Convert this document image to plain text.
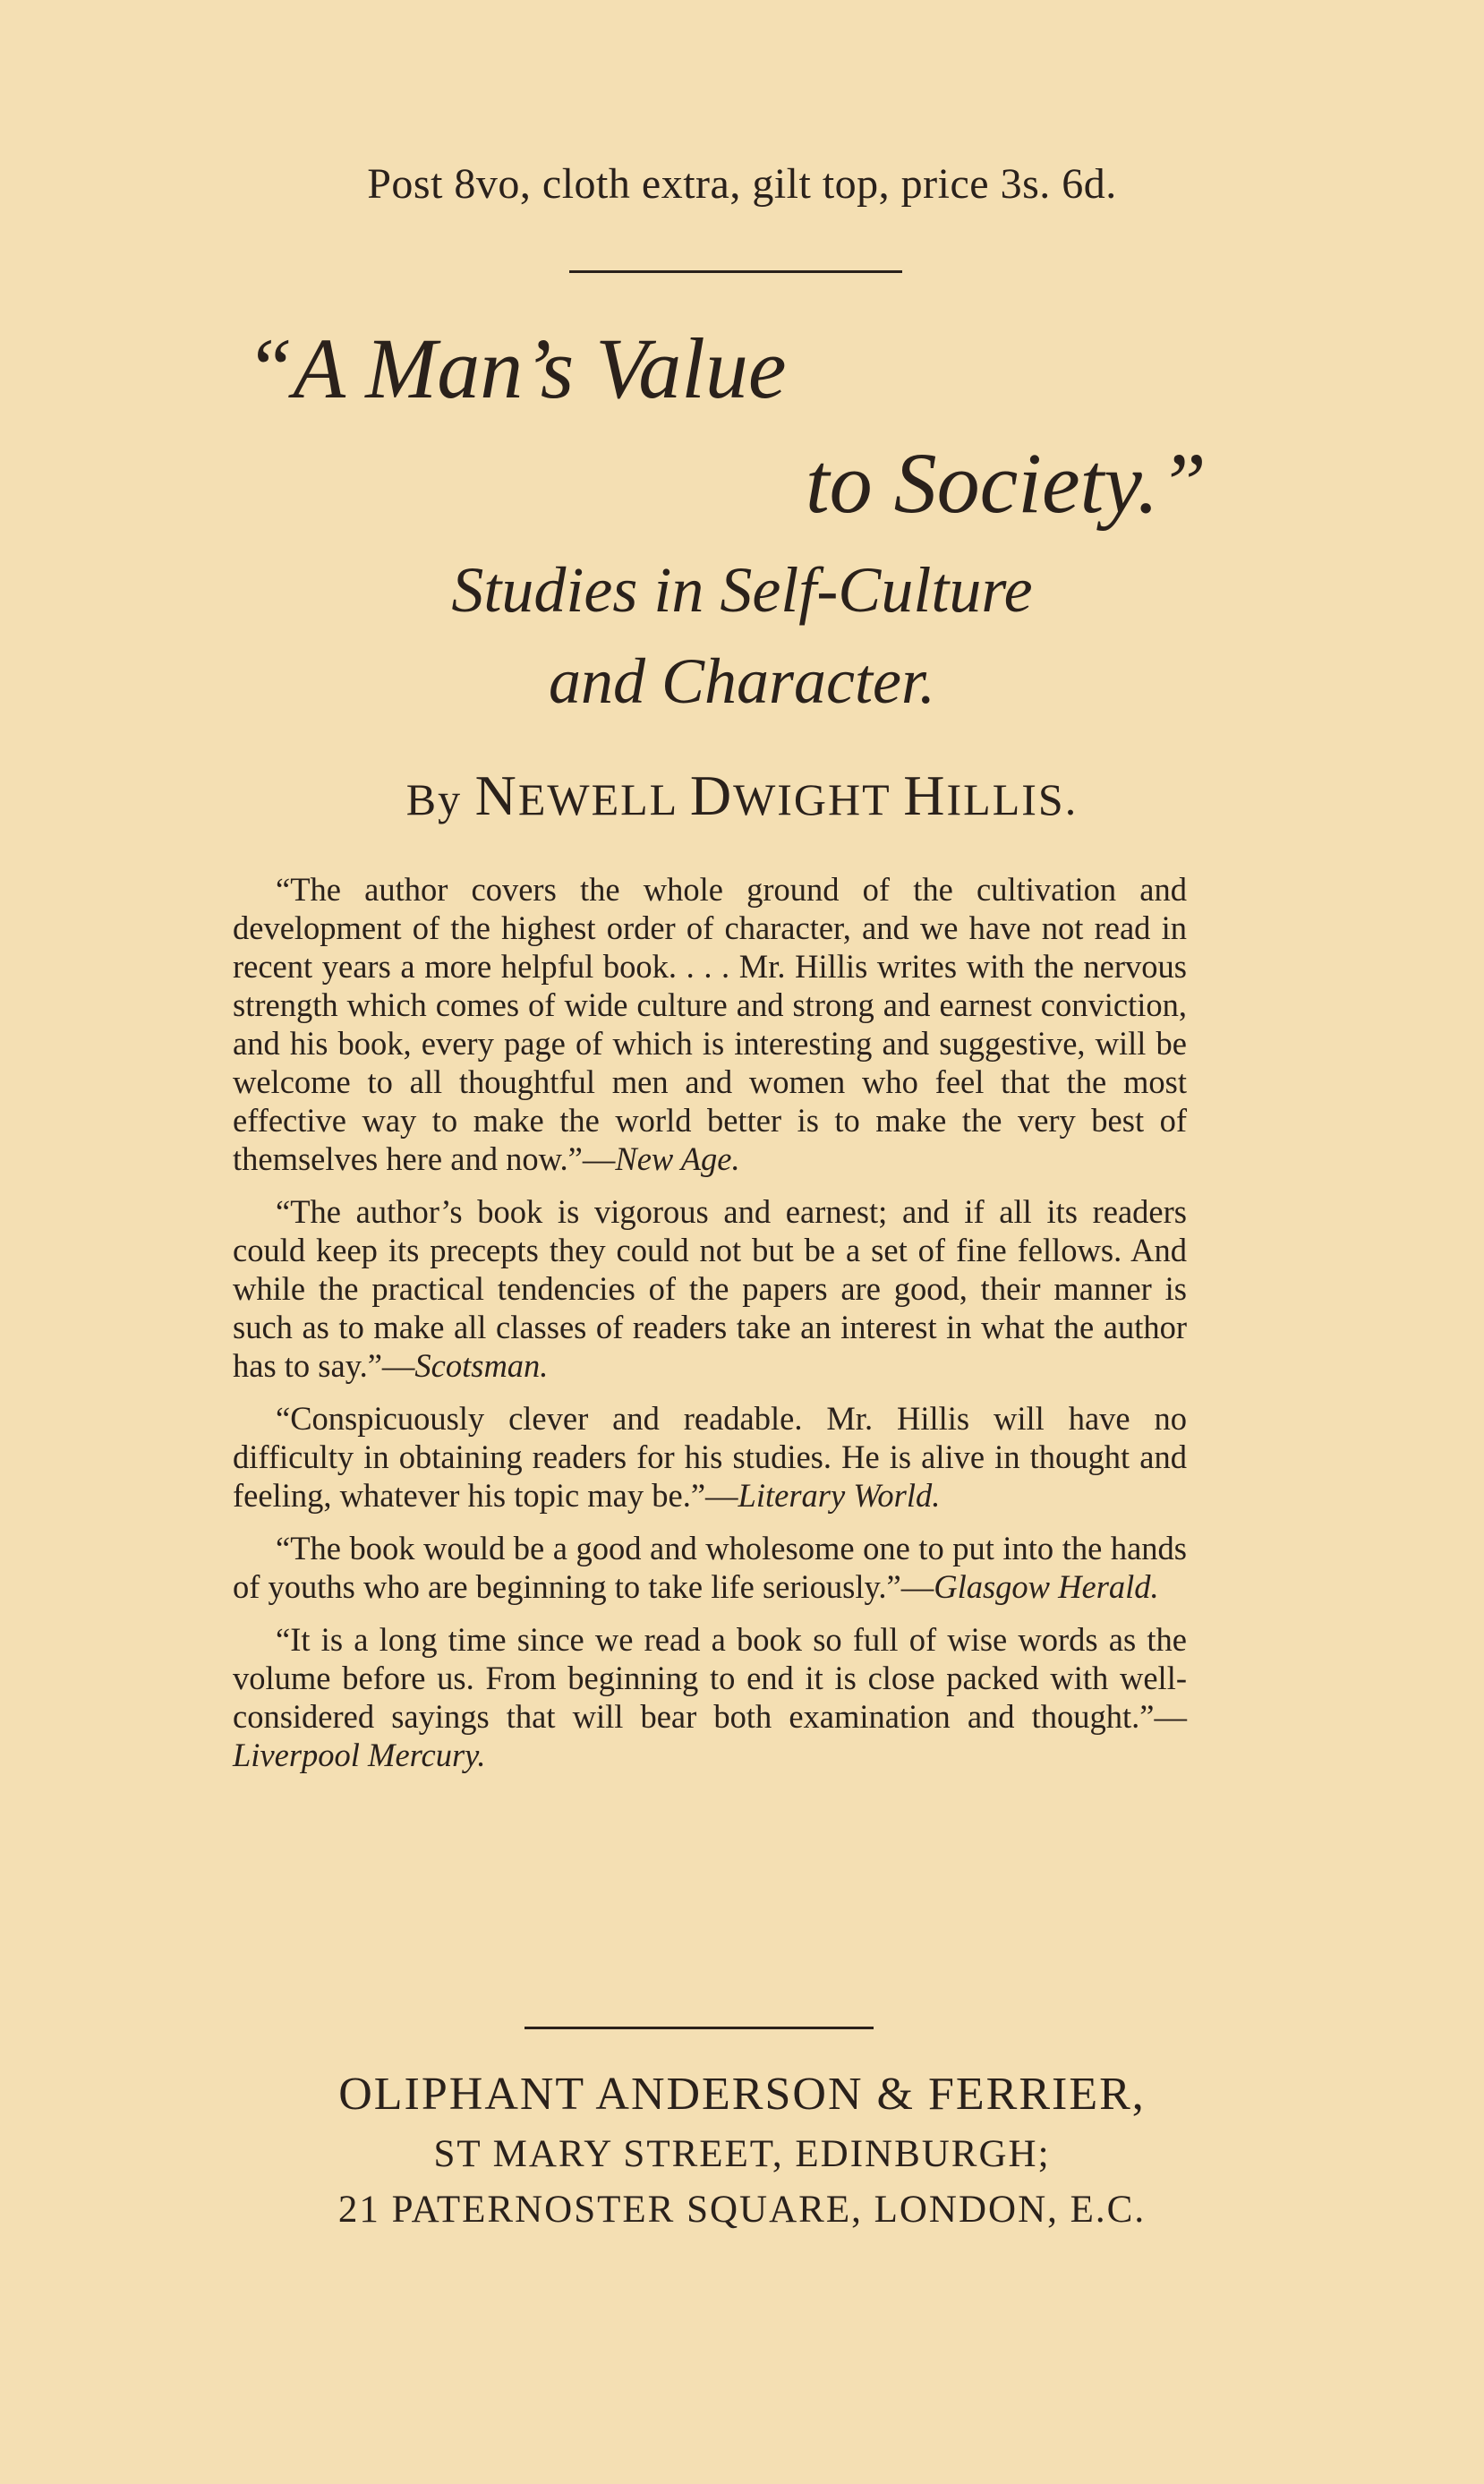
Post 8vo, cloth extra, gilt top, price 3s. 6d.
“A Man’s Value
to Society.”
Studies in Self-Culture
and Character.
By NEWELL DWIGHT HILLIS.

“The author covers the whole ground of the cultivation and development of the highest order of character, and we have not read in recent years a more helpful book. . . . Mr. Hillis writes with the nervous strength which comes of wide culture and strong and earnest conviction, and his book, every page of which is interesting and suggestive, will be welcome to all thoughtful men and women who feel that the most effective way to make the world better is to make the very best of themselves here and now.”—New Age.

“The author’s book is vigorous and earnest; and if all its readers could keep its precepts they could not but be a set of fine fellows. And while the practical tendencies of the papers are good, their manner is such as to make all classes of readers take an interest in what the author has to say.”—Scotsman.

“Conspicuously clever and readable. Mr. Hillis will have no difficulty in obtaining readers for his studies. He is alive in thought and feeling, whatever his topic may be.”—Literary World.

“The book would be a good and wholesome one to put into the hands of youths who are beginning to take life seriously.”—Glasgow Herald.

“It is a long time since we read a book so full of wise words as the volume before us. From beginning to end it is close packed with well-considered sayings that will bear both examination and thought.”—Liverpool Mercury.

OLIPHANT ANDERSON & FERRIER,
ST MARY STREET, EDINBURGH;
21 PATERNOSTER SQUARE, LONDON, E.C.
